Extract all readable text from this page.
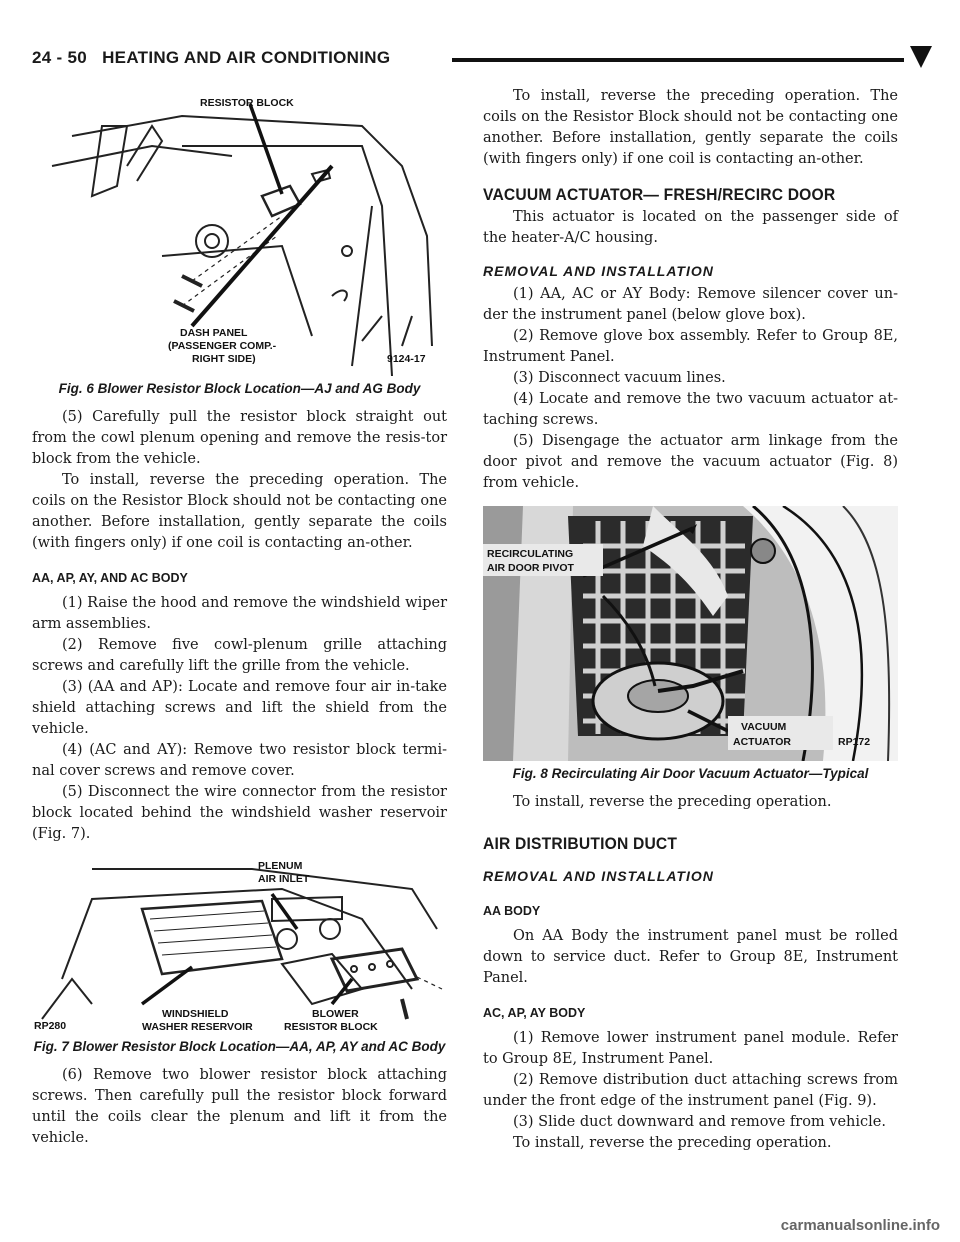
24 - 50 HEATING AND AIR CONDITIONING
RESISTOR BLOCK
DASH PANEL
(PASSENGER COMP.-
RIGHT SIDE)	9124-17
Fig. 6 Blower Resistor Block Location—AJ and AG Body

(5) Carefully pull the resistor block straight out from the cowl plenum opening and remove the resis-tor block from the vehicle.

To install, reverse the preceding operation. The coils on the Resistor Block should not be contacting one another. Before installation, gently separate the coils (with fingers only) if one coil is contacting an-other.

AA, AP, AY, AND AC BODY

(1) Raise the hood and remove the windshield wiper arm assemblies.

(2) Remove five cowl-plenum grille attaching screws and carefully lift the grille from the vehicle.

(3) (AA and AP): Locate and remove four air in-take shield attaching screws and lift the shield from the vehicle.

(4) (AC and AY): Remove two resistor block termi-nal cover screws and remove cover.

(5) Disconnect the wire connector from the resistor block located behind the windshield washer reservoir (Fig. 7).

PLENUM
AIR INLET
WINDSHIELD
WASHER RESERVOIR
BLOWER
RESISTOR BLOCK
RP280
Fig. 7 Blower Resistor Block Location—AA, AP, AY and AC Body

(6) Remove two blower resistor block attaching screws. Then carefully pull the resistor block forward until the coils clear the plenum and lift it from the vehicle.

To install, reverse the preceding operation. The coils on the Resistor Block should not be contacting one another. Before installation, gently separate the coils (with fingers only) if one coil is contacting an-other.

VACUUM ACTUATOR— FRESH/RECIRC DOOR

This actuator is located on the passenger side of the heater-A/C housing.

REMOVAL AND INSTALLATION

(1) AA, AC or AY Body: Remove silencer cover un-der the instrument panel (below glove box).

(2) Remove glove box assembly. Refer to Group 8E, Instrument Panel.

(3) Disconnect vacuum lines.

(4) Locate and remove the two vacuum actuator at-taching screws.

(5) Disengage the actuator arm linkage from the door pivot and remove the vacuum actuator (Fig. 8) from vehicle.

RECIRCULATING
AIR DOOR PIVOT
VACUUM
ACTUATOR	RP172
Fig. 8 Recirculating Air Door Vacuum Actuator—Typical

To install, reverse the preceding operation.

AIR DISTRIBUTION DUCT
REMOVAL AND INSTALLATION
AA BODY

On AA Body the instrument panel must be rolled down to service duct. Refer to Group 8E, Instrument Panel.

AC, AP, AY BODY

(1) Remove lower instrument panel module. Refer to Group 8E, Instrument Panel.

(2) Remove distribution duct attaching screws from under the front edge of the instrument panel (Fig. 9).

(3) Slide duct downward and remove from vehicle.

To install, reverse the preceding operation.

carmanualsonline.info
